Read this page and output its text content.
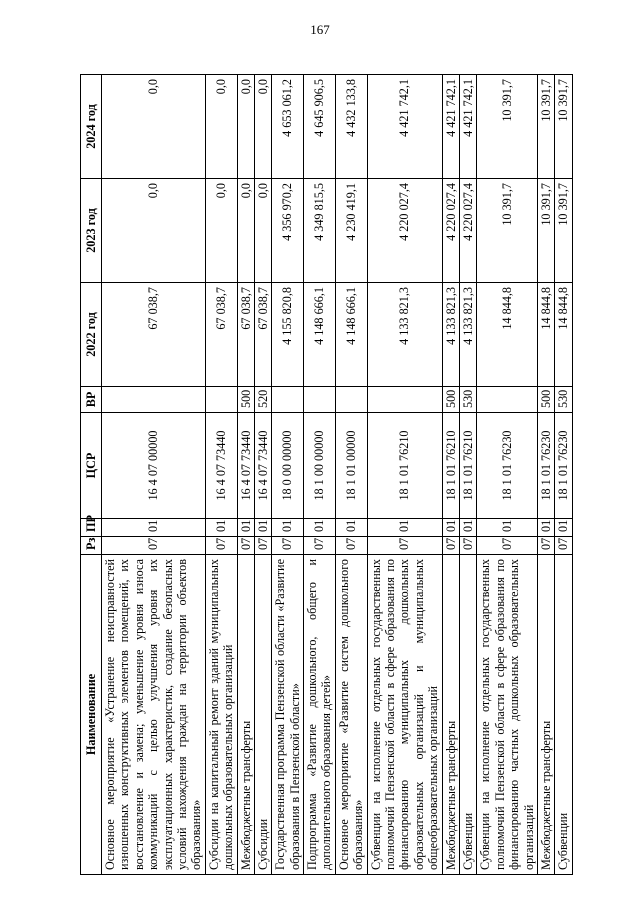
167
Наименование	Рз	ПР	ЦСР	ВР	2022 год	2023 год	2024 год
Основное мероприятие «Устранение неисправностей изношенных конструктивных элементов помещений, их восстановление и замена; уменьшение уровня износа коммуникаций с целью улучшения уровня их эксплуатационных характеристик, создание безопасных условий нахождения граждан на территории объектов образования»	07	01	16 4 07 00000		67 038,7	0,0	0,0
Субсидии на капитальный ремонт зданий муниципальных дошкольных образовательных организаций	07	01	16 4 07 73440		67 038,7	0,0	0,0
Межбюджетные трансферты	07	01	16 4 07 73440	500	67 038,7	0,0	0,0
Субсидии	07	01	16 4 07 73440	520	67 038,7	0,0	0,0
Государственная программа Пензенской области «Развитие образования в Пензенской области»	07	01	18 0 00 00000		4 155 820,8	4 356 970,2	4 653 061,2
Подпрограмма «Развитие дошкольного, общего и дополнительного образования детей»	07	01	18 1 00 00000		4 148 666,1	4 349 815,5	4 645 906,5
Основное мероприятие «Развитие систем дошкольного образования»	07	01	18 1 01 00000		4 148 666,1	4 230 419,1	4 432 133,8
Субвенции на исполнение отдельных государственных полномочий Пензенской области в сфере образования по финансированию муниципальных дошкольных образовательных организаций и муниципальных общеобразовательных организаций	07	01	18 1 01 76210		4 133 821,3	4 220 027,4	4 421 742,1
Межбюджетные трансферты	07	01	18 1 01 76210	500	4 133 821,3	4 220 027,4	4 421 742,1
Субвенции	07	01	18 1 01 76210	530	4 133 821,3	4 220 027,4	4 421 742,1
Субвенции на исполнение отдельных государственных полномочий Пензенской области в сфере образования по финансированию частных дошкольных образовательных организаций	07	01	18 1 01 76230		14 844,8	10 391,7	10 391,7
Межбюджетные трансферты	07	01	18 1 01 76230	500	14 844,8	10 391,7	10 391,7
Субвенции	07	01	18 1 01 76230	530	14 844,8	10 391,7	10 391,7
